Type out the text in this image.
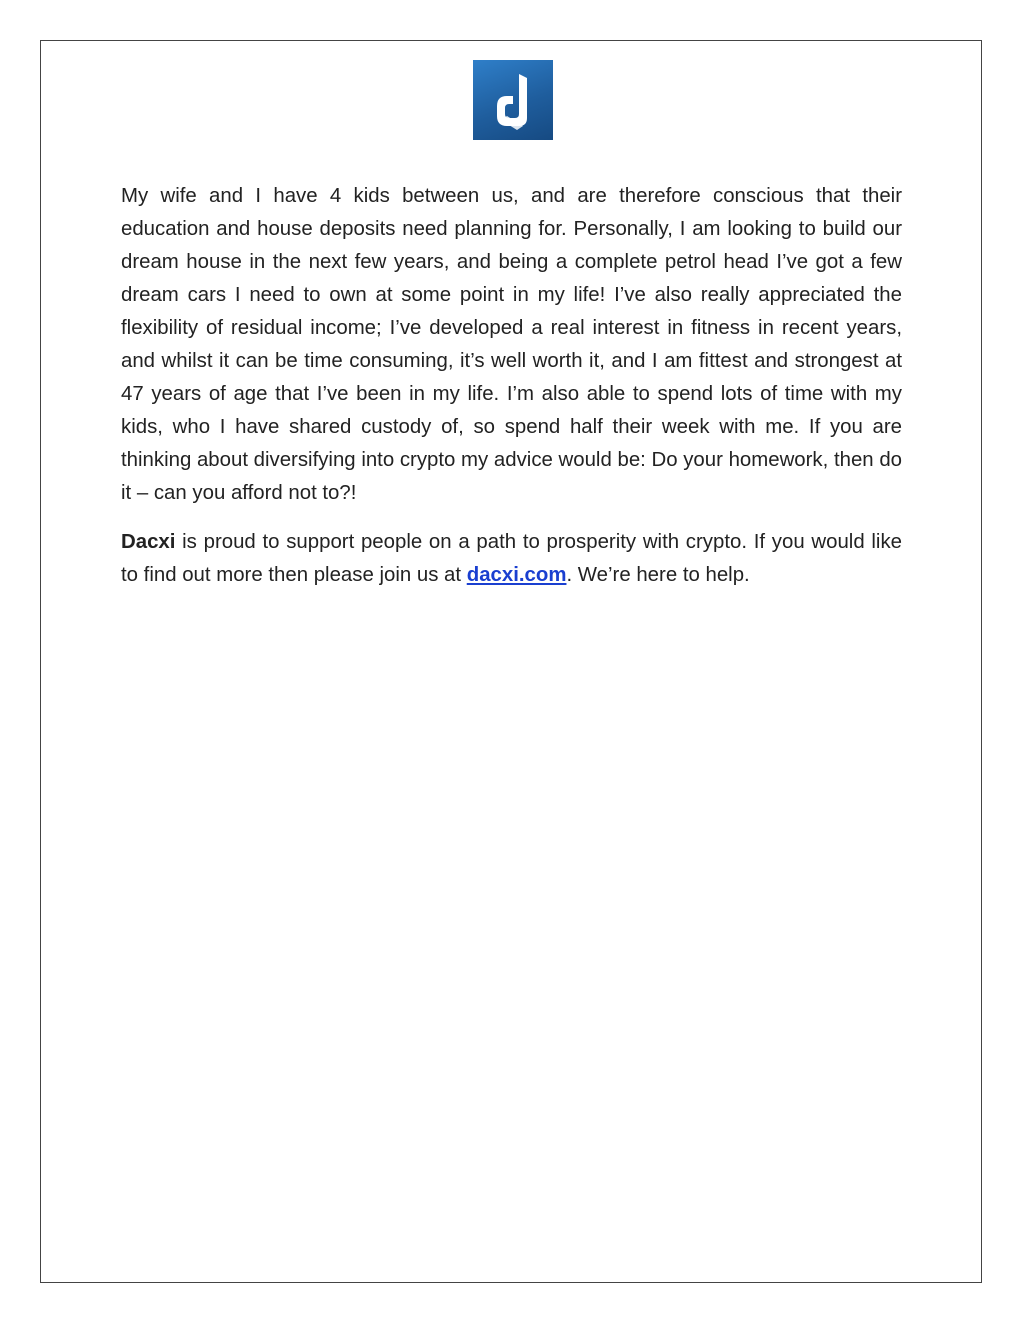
My wife and I have 4 kids between us, and are therefore conscious that their education and house deposits need planning for. Personally, I am looking to build our dream house in the next few years, and being a complete petrol head I’ve got a few dream cars I need to own at some point in my life! I’ve also really appreciated the flexibility of residual income; I’ve developed a real interest in fitness in recent years, and whilst it can be time consuming, it’s well worth it, and I am fittest and strongest at 47 years of age that I’ve been in my life. I’m also able to spend lots of time with my kids, who I have shared custody of, so spend half their week with me. If you are thinking about diversifying into crypto my advice would be: Do your homework, then do it – can you afford not to?!

Dacxi is proud to support people on a path to prosperity with crypto. If you would like to find out more then please join us at dacxi.com. We’re here to help.
